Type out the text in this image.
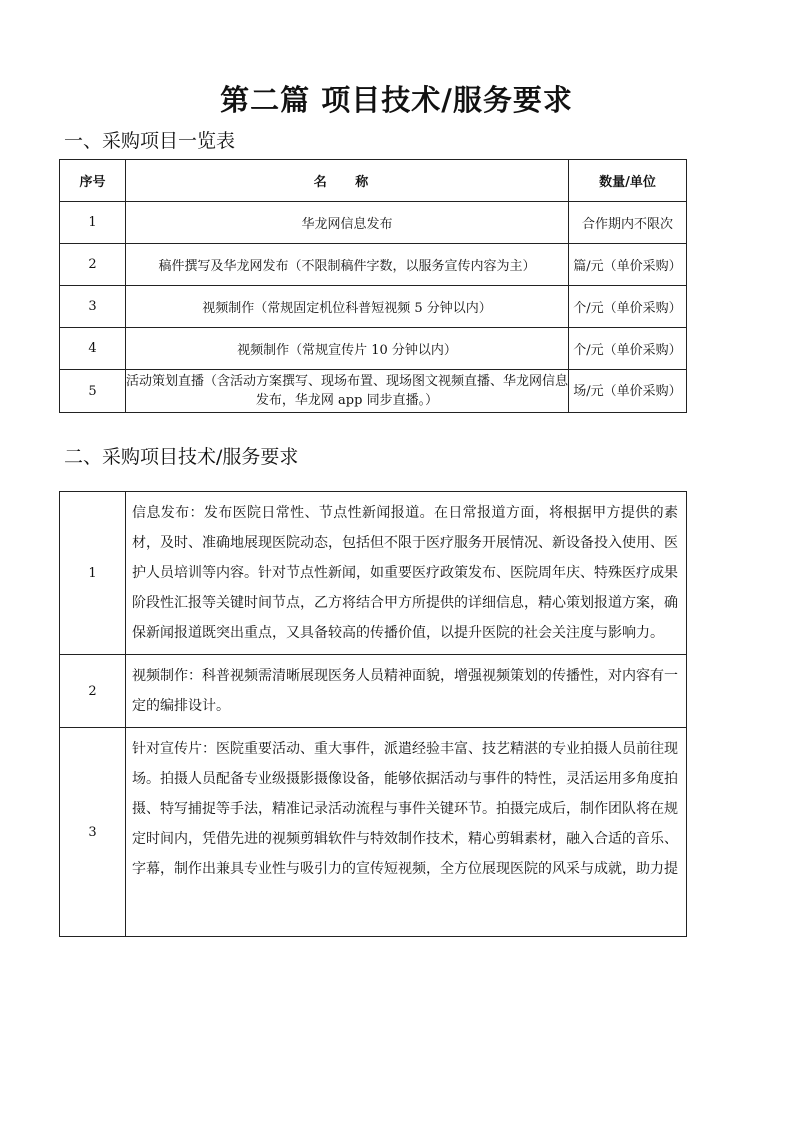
第二篇 项目技术/服务要求
一、采购项目一览表
序号	名 称	数量/单位
1	华龙网信息发布	合作期内不限次
2	稿件撰写及华龙网发布（不限制稿件字数，以服务宣传内容为主）	篇/元（单价采购）
3	视频制作（常规固定机位科普短视频 5 分钟以内）	个/元（单价采购）
4	视频制作（常规宣传片 10 分钟以内）	个/元（单价采购）
5	活动策划直播（含活动方案撰写、现场布置、现场图文视频直播、华龙网信息发布，华龙网 app 同步直播。）	场/元（单价采购）
二、采购项目技术/服务要求
1	信息发布：发布医院日常性、节点性新闻报道。在日常报道方面，将根据甲方提供的素材，及时、准确地展现医院动态，包括但不限于医疗服务开展情况、新设备投入使用、医护人员培训等内容。针对节点性新闻，如重要医疗政策发布、医院周年庆、特殊医疗成果阶段性汇报等关键时间节点，乙方将结合甲方所提供的详细信息，精心策划报道方案，确保新闻报道既突出重点，又具备较高的传播价值，以提升医院的社会关注度与影响力。
2	视频制作：科普视频需清晰展现医务人员精神面貌，增强视频策划的传播性，对内容有一定的编排设计。
3	针对宣传片：医院重要活动、重大事件，派遣经验丰富、技艺精湛的专业拍摄人员前往现场。拍摄人员配备专业级摄影摄像设备，能够依据活动与事件的特性，灵活运用多角度拍摄、特写捕捉等手法，精准记录活动流程与事件关键环节。拍摄完成后，制作团队将在规定时间内，凭借先进的视频剪辑软件与特效制作技术，精心剪辑素材，融入合适的音乐、字幕，制作出兼具专业性与吸引力的宣传短视频，全方位展现医院的风采与成就，助力提
